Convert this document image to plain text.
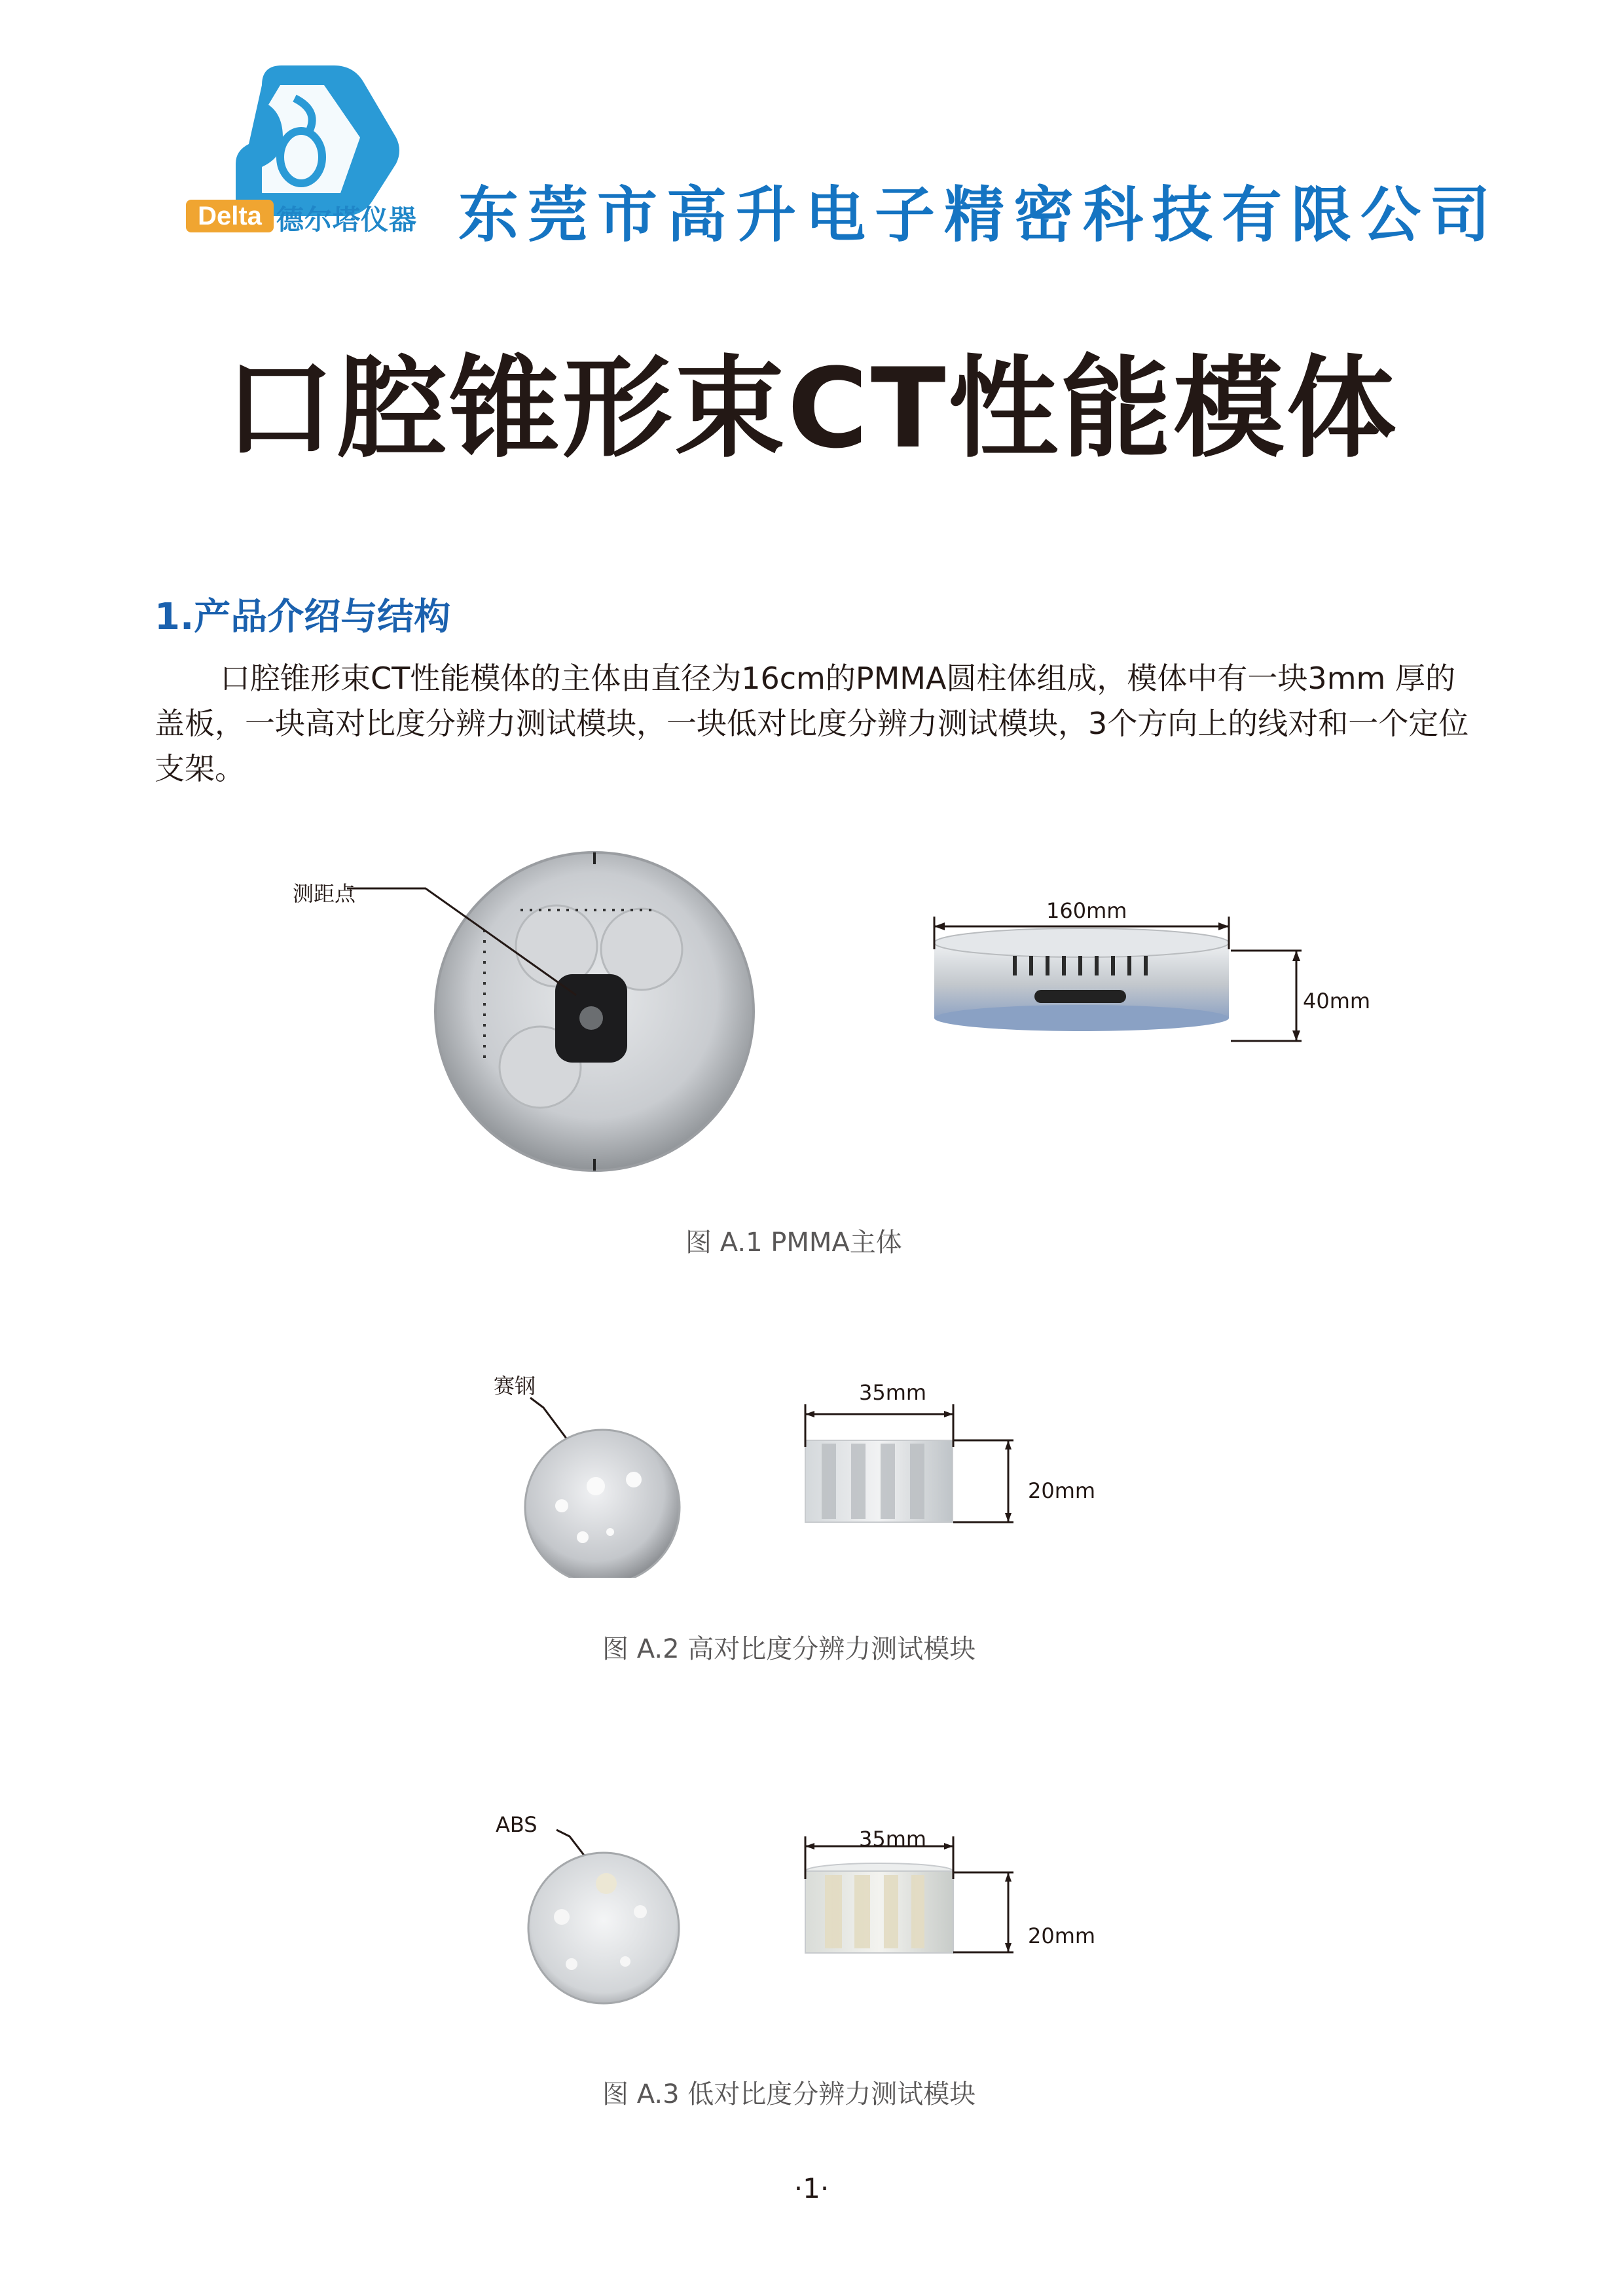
Delta 德尔塔仪器 东莞市高升电子精密科技有限公司
口腔锥形束CT性能模体
1.产品介绍与结构
口腔锥形束CT性能模体的主体由直径为16cm的PMMA圆柱体组成，模体中有一块3mm 厚的盖板，一块高对比度分辨力测试模块，一块低对比度分辨力测试模块，3个方向上的线对和一个定位支架。
测距点
160mm
40mm
图 A.1 PMMA主体
赛钢	35mm
20mm
图 A.2 高对比度分辨力测试模块
ABS
35mm
20mm
图 A.3 低对比度分辨力测试模块
·1·
